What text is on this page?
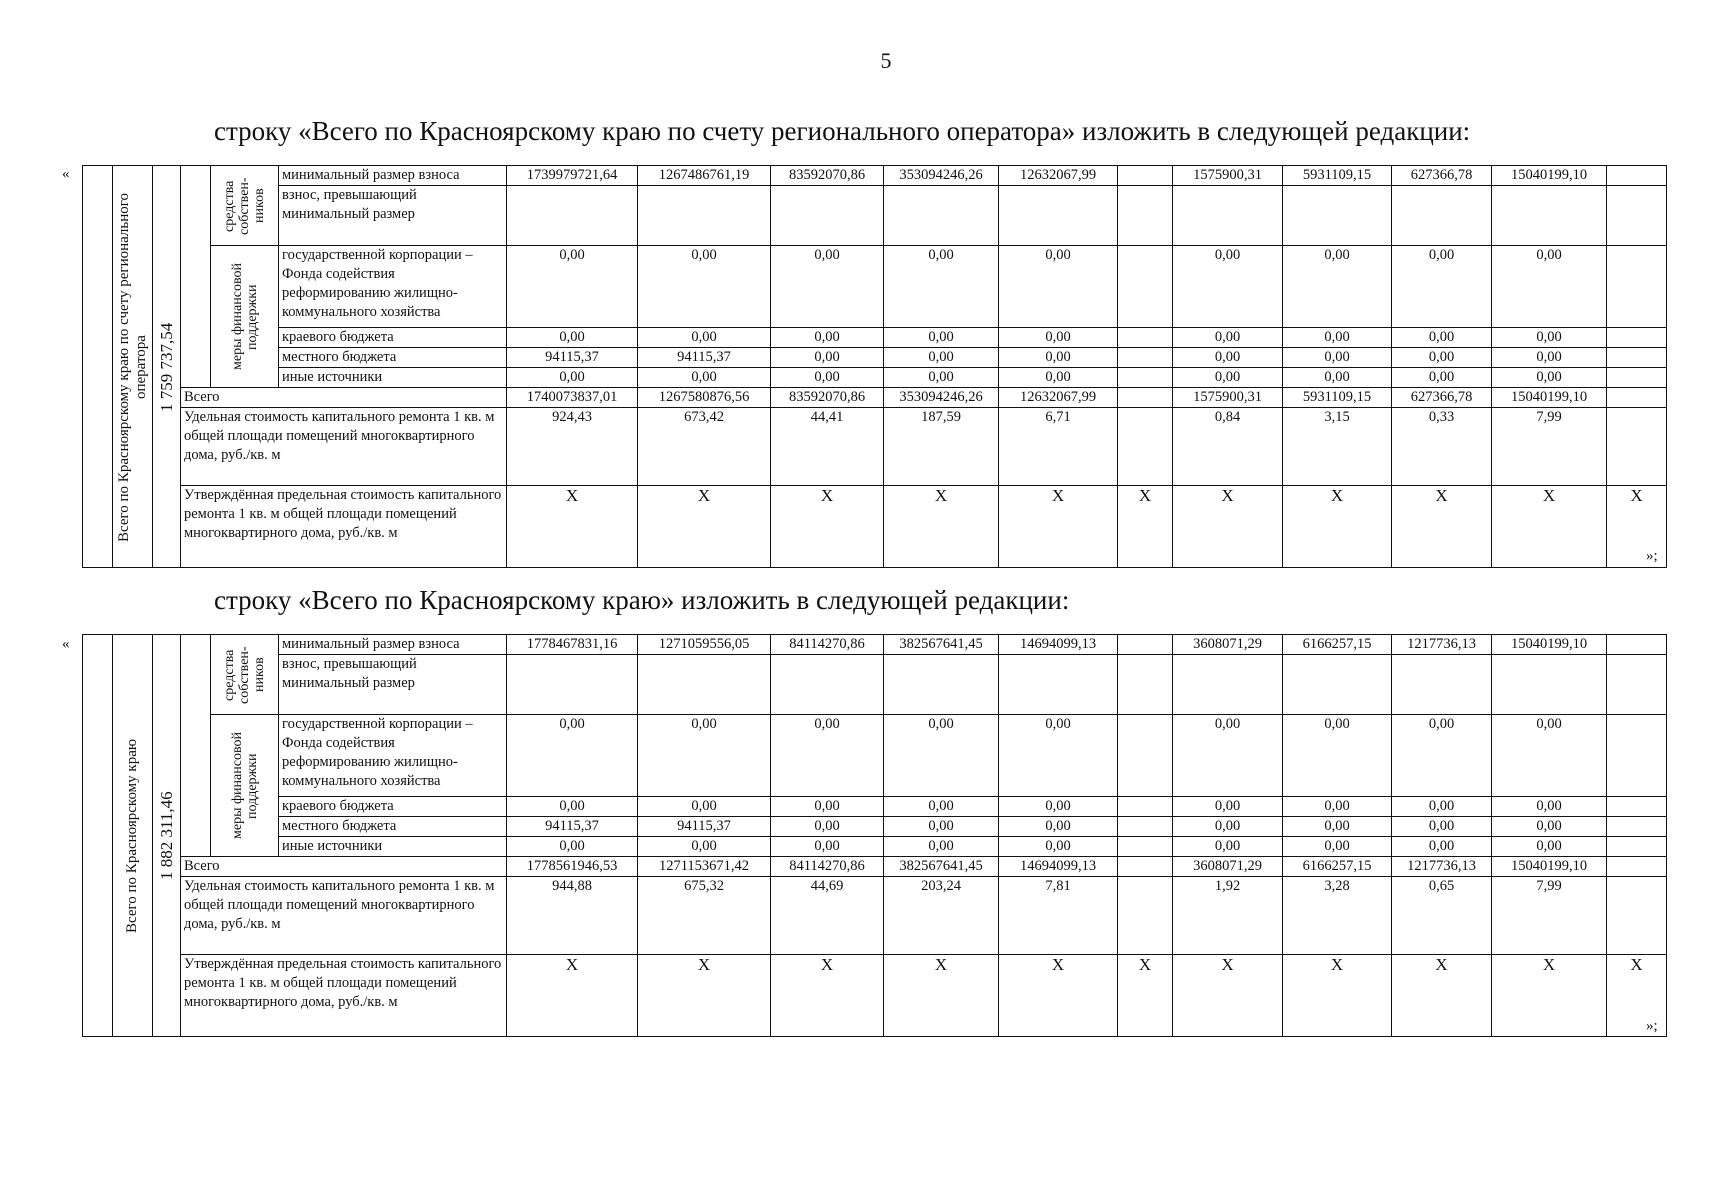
5
строку «Всего по Красноярскому краю по счету регионального оператора» изложить в следующей редакции:
«
»;

	Всего по Красноярскому краю по счету регионального оператора	1 759 737,54		средства собствен-ников	минимальный размер взноса	1739979721,64	1267486761,19	83592070,86	353094246,26	12632067,99		1575900,31	5931109,15	627366,78	15040199,10	
					взнос, превышающий минимальный размер											

				меры финансовой поддержки	государственной корпорации – Фонда содействия реформированию жилищно-коммунального хозяйства	0,00	0,00	0,00	0,00	0,00		0,00	0,00	0,00	0,00	
					краевого бюджета	0,00	0,00	0,00	0,00	0,00		0,00	0,00	0,00	0,00	
					местного бюджета	94115,37	94115,37	0,00	0,00	0,00		0,00	0,00	0,00	0,00	
					иные источники	0,00	0,00	0,00	0,00	0,00		0,00	0,00	0,00	0,00	
			Всего			1740073837,01	1267580876,56	83592070,86	353094246,26	12632067,99		1575900,31	5931109,15	627366,78	15040199,10	
			Удельная стоимость капитального ремонта 1 кв. м общей площади помещений многоквартирного дома, руб./кв. м			924,43	673,42	44,41	187,59	6,71		0,84	3,15	0,33	7,99	
			Утверждённая предельная стоимость капитального ремонта 1 кв. м общей площади помещений многоквартирного дома, руб./кв. м			X	X	X	X	X	X	X	X	X	X	X
строку «Всего по Красноярскому краю» изложить в следующей редакции:
«
»;

	Всего по Красноярскому краю	1 882 311,46		средства собствен-ников	минимальный размер взноса	1778467831,16	1271059556,05	84114270,86	382567641,45	14694099,13		3608071,29	6166257,15	1217736,13	15040199,10	
					взнос, превышающий минимальный размер											

				меры финансовой поддержки	государственной корпорации – Фонда содействия реформированию жилищно-коммунального хозяйства	0,00	0,00	0,00	0,00	0,00		0,00	0,00	0,00	0,00	
					краевого бюджета	0,00	0,00	0,00	0,00	0,00		0,00	0,00	0,00	0,00	
					местного бюджета	94115,37	94115,37	0,00	0,00	0,00		0,00	0,00	0,00	0,00	
					иные источники	0,00	0,00	0,00	0,00	0,00		0,00	0,00	0,00	0,00	
			Всего			1778561946,53	1271153671,42	84114270,86	382567641,45	14694099,13		3608071,29	6166257,15	1217736,13	15040199,10	
			Удельная стоимость капитального ремонта 1 кв. м общей площади помещений многоквартирного дома, руб./кв. м			944,88	675,32	44,69	203,24	7,81		1,92	3,28	0,65	7,99	
			Утверждённая предельная стоимость капитального ремонта 1 кв. м общей площади помещений многоквартирного дома, руб./кв. м			X	X	X	X	X	X	X	X	X	X	X
